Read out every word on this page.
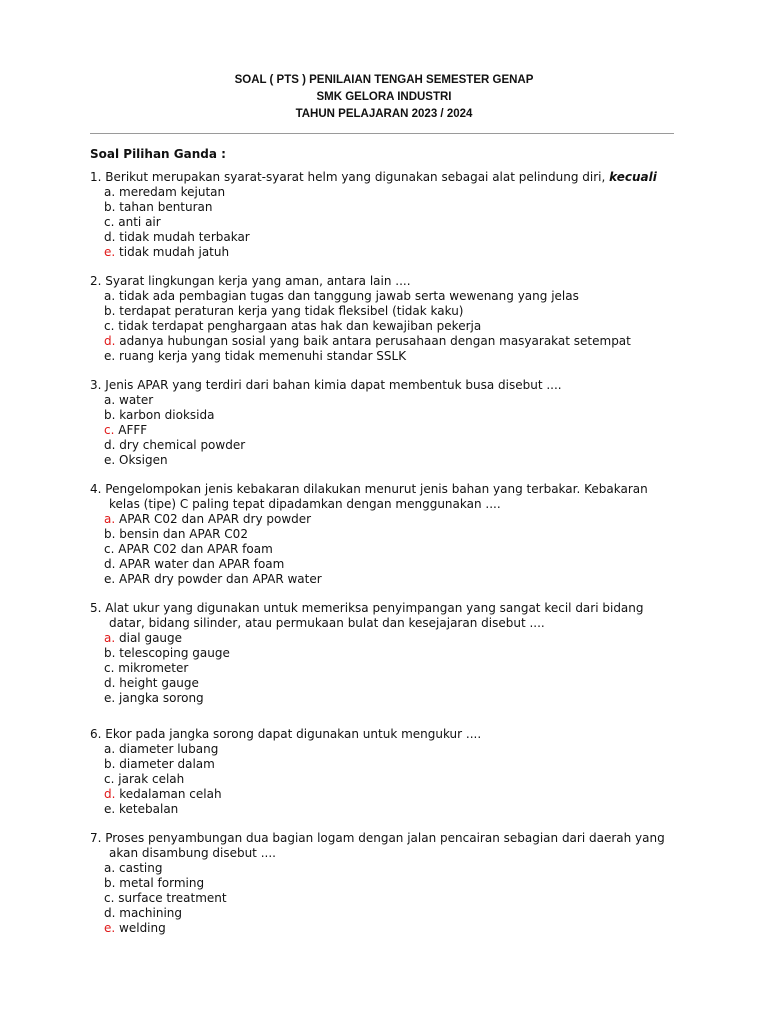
SOAL ( PTS ) PENILAIAN TENGAH SEMESTER GENAP
SMK GELORA INDUSTRI
TAHUN PELAJARAN 2023 / 2024
Soal Pilihan Ganda :
1. Berikut merupakan syarat-syarat helm yang digunakan sebagai alat pelindung diri, kecuali
a. meredam kejutan
b. tahan benturan
c. anti air
d. tidak mudah terbakar
e. tidak mudah jatuh
2. Syarat lingkungan kerja yang aman, antara lain ....
a. tidak ada pembagian tugas dan tanggung jawab serta wewenang yang jelas
b. terdapat peraturan kerja yang tidak fleksibel (tidak kaku)
c. tidak terdapat penghargaan atas hak dan kewajiban pekerja
d. adanya hubungan sosial yang baik antara perusahaan dengan masyarakat setempat
e. ruang kerja yang tidak memenuhi standar SSLK
3. Jenis APAR yang terdiri dari bahan kimia dapat membentuk busa disebut ....
a. water
b. karbon dioksida
c. AFFF
d. dry chemical powder
e. Oksigen
4. Pengelompokan jenis kebakaran dilakukan menurut jenis bahan yang terbakar. Kebakaran
kelas (tipe) C paling tepat dipadamkan dengan menggunakan ....
a. APAR C02 dan APAR dry powder
b. bensin dan APAR C02
c. APAR C02 dan APAR foam
d. APAR water dan APAR foam
e. APAR dry powder dan APAR water
5. Alat ukur yang digunakan untuk memeriksa penyimpangan yang sangat kecil dari bidang
datar, bidang silinder, atau permukaan bulat dan kesejajaran disebut ....
a. dial gauge
b. telescoping gauge
c. mikrometer
d. height gauge
e. jangka sorong
6. Ekor pada jangka sorong dapat digunakan untuk mengukur ....
a. diameter lubang
b. diameter dalam
c. jarak celah
d. kedalaman celah
e. ketebalan
7. Proses penyambungan dua bagian logam dengan jalan pencairan sebagian dari daerah yang
akan disambung disebut ....
a. casting
b. metal forming
c. surface treatment
d. machining
e. welding
